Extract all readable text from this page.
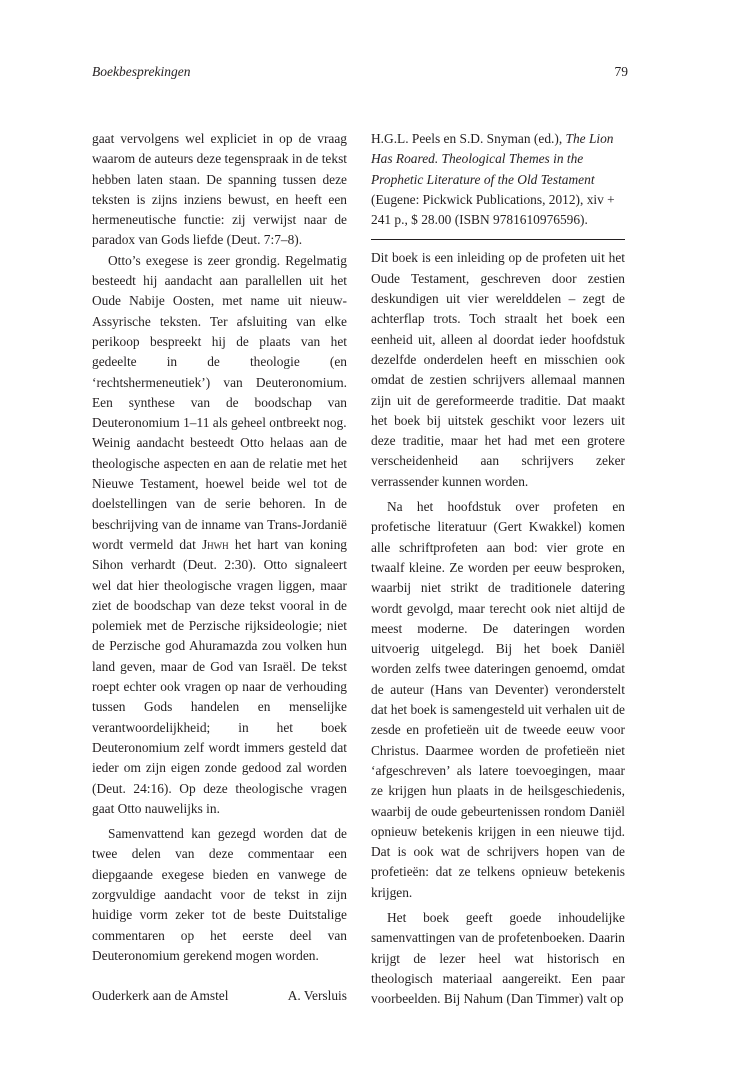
Boekbesprekingen	79

gaat vervolgens wel expliciet in op de vraag waarom de auteurs deze tegenspraak in de tekst hebben laten staan. De spanning tussen deze teksten is zijns inziens bewust, en heeft een hermeneutische functie: zij verwijst naar de paradox van Gods liefde (Deut. 7:7–8).

Otto’s exegese is zeer grondig. Regelmatig besteedt hij aandacht aan parallellen uit het Oude Nabije Oosten, met name uit nieuw-Assyrische teksten. Ter afsluiting van elke perikoop bespreekt hij de plaats van het gedeelte in de theologie (en ‘rechtshermeneutiek’) van Deuteronomium. Een synthese van de boodschap van Deuteronomium 1–11 als geheel ontbreekt nog.

Weinig aandacht besteedt Otto helaas aan de theologische aspecten en aan de relatie met het Nieuwe Testament, hoewel beide wel tot de doelstellingen van de serie behoren. In de beschrijving van de inname van Trans-Jordanië wordt vermeld dat Jhwh het hart van koning Sihon verhardt (Deut. 2:30). Otto signaleert wel dat hier theologische vragen liggen, maar ziet de boodschap van deze tekst vooral in de polemiek met de Perzische rijksideologie; niet de Perzische god Ahuramazda zou volken hun land geven, maar de God van Israël. De tekst roept echter ook vragen op naar de verhouding tussen Gods handelen en menselijke verantwoordelijkheid; in het boek Deuteronomium zelf wordt immers gesteld dat ieder om zijn eigen zonde gedood zal worden (Deut. 24:16). Op deze theologische vragen gaat Otto nauwelijks in.

Samenvattend kan gezegd worden dat de twee delen van deze commentaar een diepgaande exegese bieden en vanwege de zorgvuldige aandacht voor de tekst in zijn huidige vorm zeker tot de beste Duitstalige commentaren op het eerste deel van Deuteronomium gerekend mogen worden.

Ouderkerk aan de Amstel	A. Versluis

H.G.L. Peels en S.D. Snyman (ed.), The Lion Has Roared. Theological Themes in the Prophetic Literature of the Old Testament (Eugene: Pickwick Publications, 2012), xiv + 241 p., $ 28.00 (ISBN 9781610976596).

Dit boek is een inleiding op de profeten uit het Oude Testament, geschreven door zestien deskundigen uit vier werelddelen – zegt de achterflap trots. Toch straalt het boek een eenheid uit, alleen al doordat ieder hoofdstuk dezelfde onderdelen heeft en misschien ook omdat de zestien schrijvers allemaal mannen zijn uit de gereformeerde traditie. Dat maakt het boek bij uitstek geschikt voor lezers uit deze traditie, maar het had met een grotere verscheidenheid aan schrijvers zeker verrassender kunnen worden.

Na het hoofdstuk over profeten en profetische literatuur (Gert Kwakkel) komen alle schriftprofeten aan bod: vier grote en twaalf kleine. Ze worden per eeuw besproken, waarbij niet strikt de traditionele datering wordt gevolgd, maar terecht ook niet altijd de meest moderne. De dateringen worden uitvoerig uitgelegd. Bij het boek Daniël worden zelfs twee dateringen genoemd, omdat de auteur (Hans van Deventer) veronderstelt dat het boek is samengesteld uit verhalen uit de zesde en profetieën uit de tweede eeuw voor Christus. Daarmee worden de profetieën niet ‘afgeschreven’ als latere toevoegingen, maar ze krijgen hun plaats in de heilsgeschiedenis, waarbij de oude gebeurtenissen rondom Daniël opnieuw betekenis krijgen in een nieuwe tijd. Dat is ook wat de schrijvers hopen van de profetieën: dat ze telkens opnieuw betekenis krijgen.

Het boek geeft goede inhoudelijke samenvattingen van de profetenboeken. Daarin krijgt de lezer heel wat historisch en theologisch materiaal aangereikt. Een paar voorbeelden. Bij Nahum (Dan Timmer) valt op
